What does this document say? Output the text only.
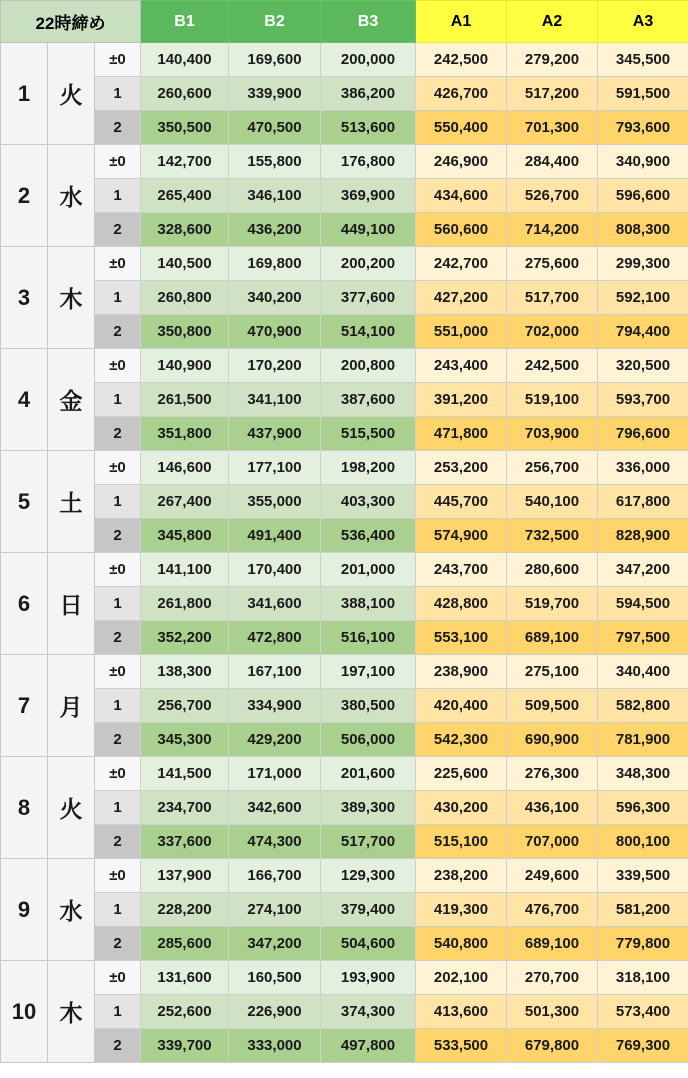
22時締め			B1	B2	B3	A1	A2	A3
1	火	±0	140,400	169,600	200,000	242,500	279,200	345,500
		1	260,600	339,900	386,200	426,700	517,200	591,500
		2	350,500	470,500	513,600	550,400	701,300	793,600
2	水	±0	142,700	155,800	176,800	246,900	284,400	340,900
		1	265,400	346,100	369,900	434,600	526,700	596,600
		2	328,600	436,200	449,100	560,600	714,200	808,300
3	木	±0	140,500	169,800	200,200	242,700	275,600	299,300
		1	260,800	340,200	377,600	427,200	517,700	592,100
		2	350,800	470,900	514,100	551,000	702,000	794,400
4	金	±0	140,900	170,200	200,800	243,400	242,500	320,500
		1	261,500	341,100	387,600	391,200	519,100	593,700
		2	351,800	437,900	515,500	471,800	703,900	796,600
5	土	±0	146,600	177,100	198,200	253,200	256,700	336,000
		1	267,400	355,000	403,300	445,700	540,100	617,800
		2	345,800	491,400	536,400	574,900	732,500	828,900
6	日	±0	141,100	170,400	201,000	243,700	280,600	347,200
		1	261,800	341,600	388,100	428,800	519,700	594,500
		2	352,200	472,800	516,100	553,100	689,100	797,500
7	月	±0	138,300	167,100	197,100	238,900	275,100	340,400
		1	256,700	334,900	380,500	420,400	509,500	582,800
		2	345,300	429,200	506,000	542,300	690,900	781,900
8	火	±0	141,500	171,000	201,600	225,600	276,300	348,300
		1	234,700	342,600	389,300	430,200	436,100	596,300
		2	337,600	474,300	517,700	515,100	707,000	800,100
9	水	±0	137,900	166,700	129,300	238,200	249,600	339,500
		1	228,200	274,100	379,400	419,300	476,700	581,200
		2	285,600	347,200	504,600	540,800	689,100	779,800
10	木	±0	131,600	160,500	193,900	202,100	270,700	318,100
		1	252,600	226,900	374,300	413,600	501,300	573,400
		2	339,700	333,000	497,800	533,500	679,800	769,300
